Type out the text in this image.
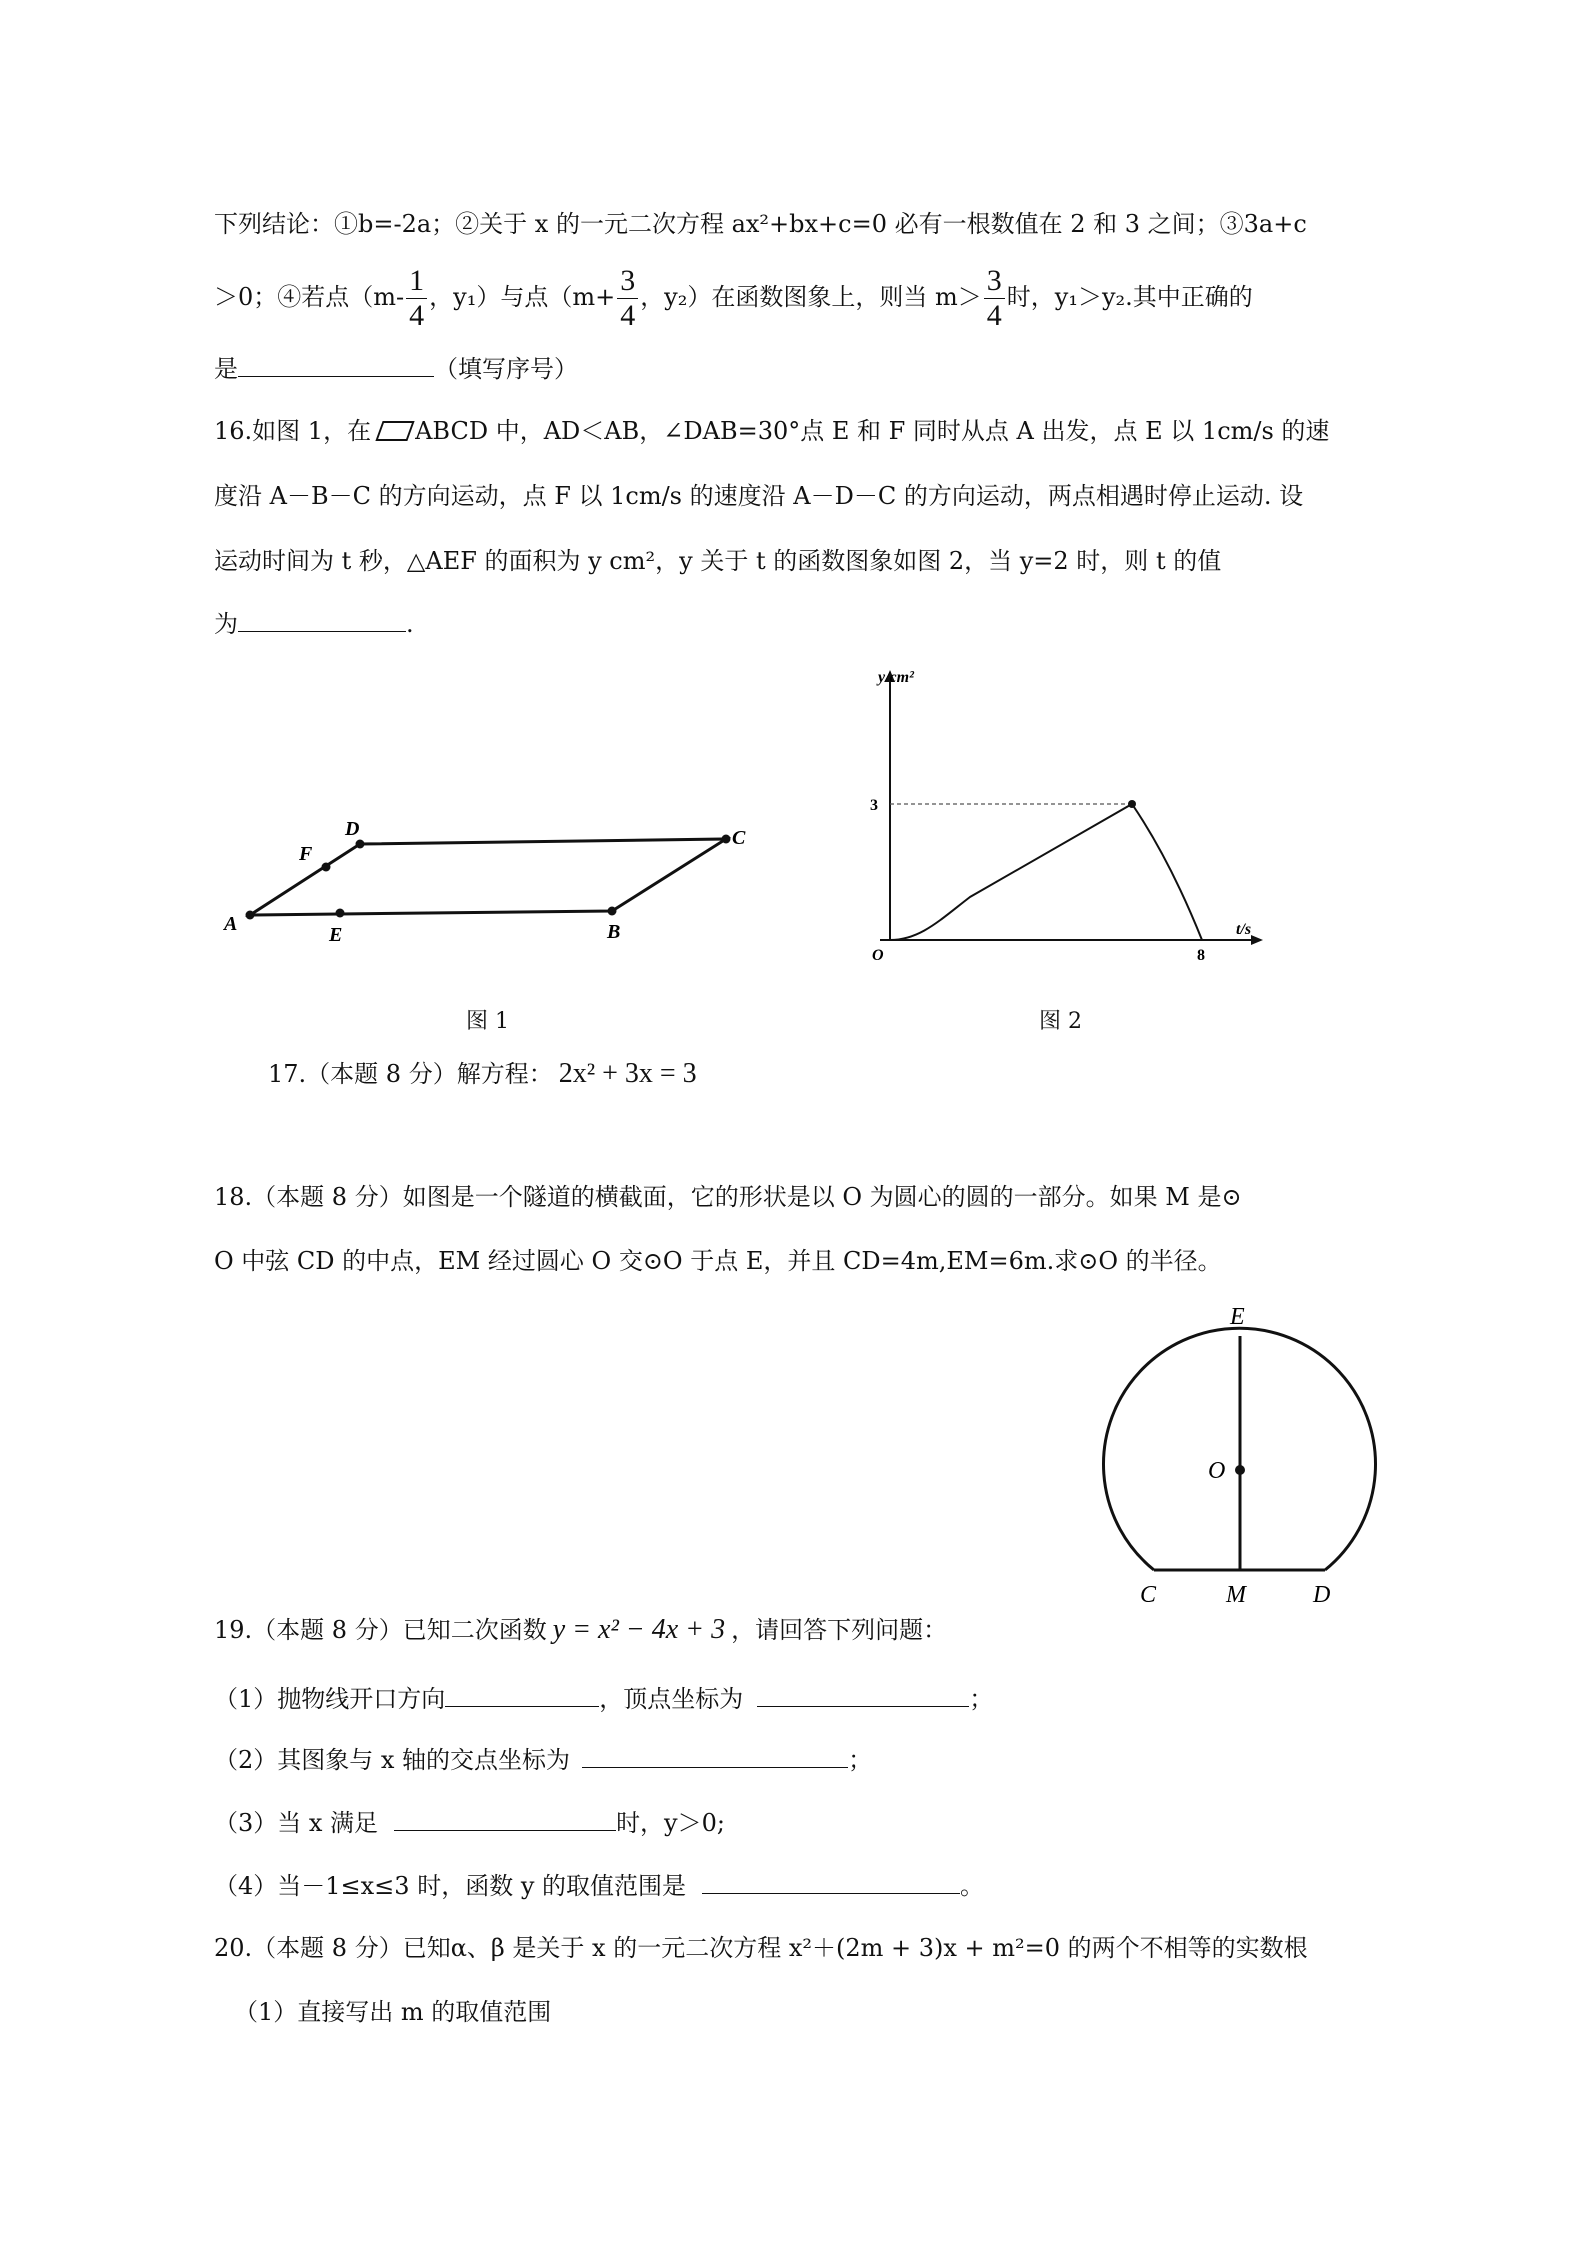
下列结论：①b=-2a；②关于 x 的一元二次方程 ax²+bx+c=0 必有一根数值在 2 和 3 之间；③3a+c
＞0；④若点（$m- \frac{1}{4}$ ，y₁）与点（$m+ \frac{3}{4}$ ，y₂）在函数图象上，则当 $m> \frac{3}{4}$ 时，y₁＞y₂.其中正确的
是	（填写序号）
16.如图 1，在 ABCD 中，AD＜AB，∠DAB=30°点 E 和 F 同时从点 A 出发，点 E 以 1cm/s 的速
度沿 A－B－C 的方向运动，点 F 以 1cm/s 的速度沿 A－D－C 的方向运动，两点相遇时停止运动. 设
运动时间为 t 秒，△AEF 的面积为 y cm²，y 关于 t 的函数图象如图 2，当 y=2 时，则 t 的值
为	.
A
F
D	C
E	B
图 1
y/cm²
t/s
O
3
8
图 2
17.（本题 8 分）解方程： 2x² + 3x = 3
18.（本题 8 分）如图是一个隧道的横截面，它的形状是以 O 为圆心的圆的一部分。如果 M 是⊙
O 中弦 CD 的中点，EM 经过圆心 O 交⊙O 于点 E，并且 CD=4m,EM=6m.求⊙O 的半径。
E
O
C	M	D
19.（本题 8 分）已知二次函数 y = x² − 4x + 3 ，请回答下列问题：
（1）抛物线开口方向	，顶点坐标为	；
（2）其图象与 x 轴的交点坐标为	；
（3）当 x 满足	时，y＞0;
（4）当－1≤x≤3 时，函数 y 的取值范围是	。
20.（本题 8 分）已知α、β 是关于 x 的一元二次方程 x²＋(2m + 3)x + m²=0 的两个不相等的实数根
（1）直接写出 m 的取值范围
